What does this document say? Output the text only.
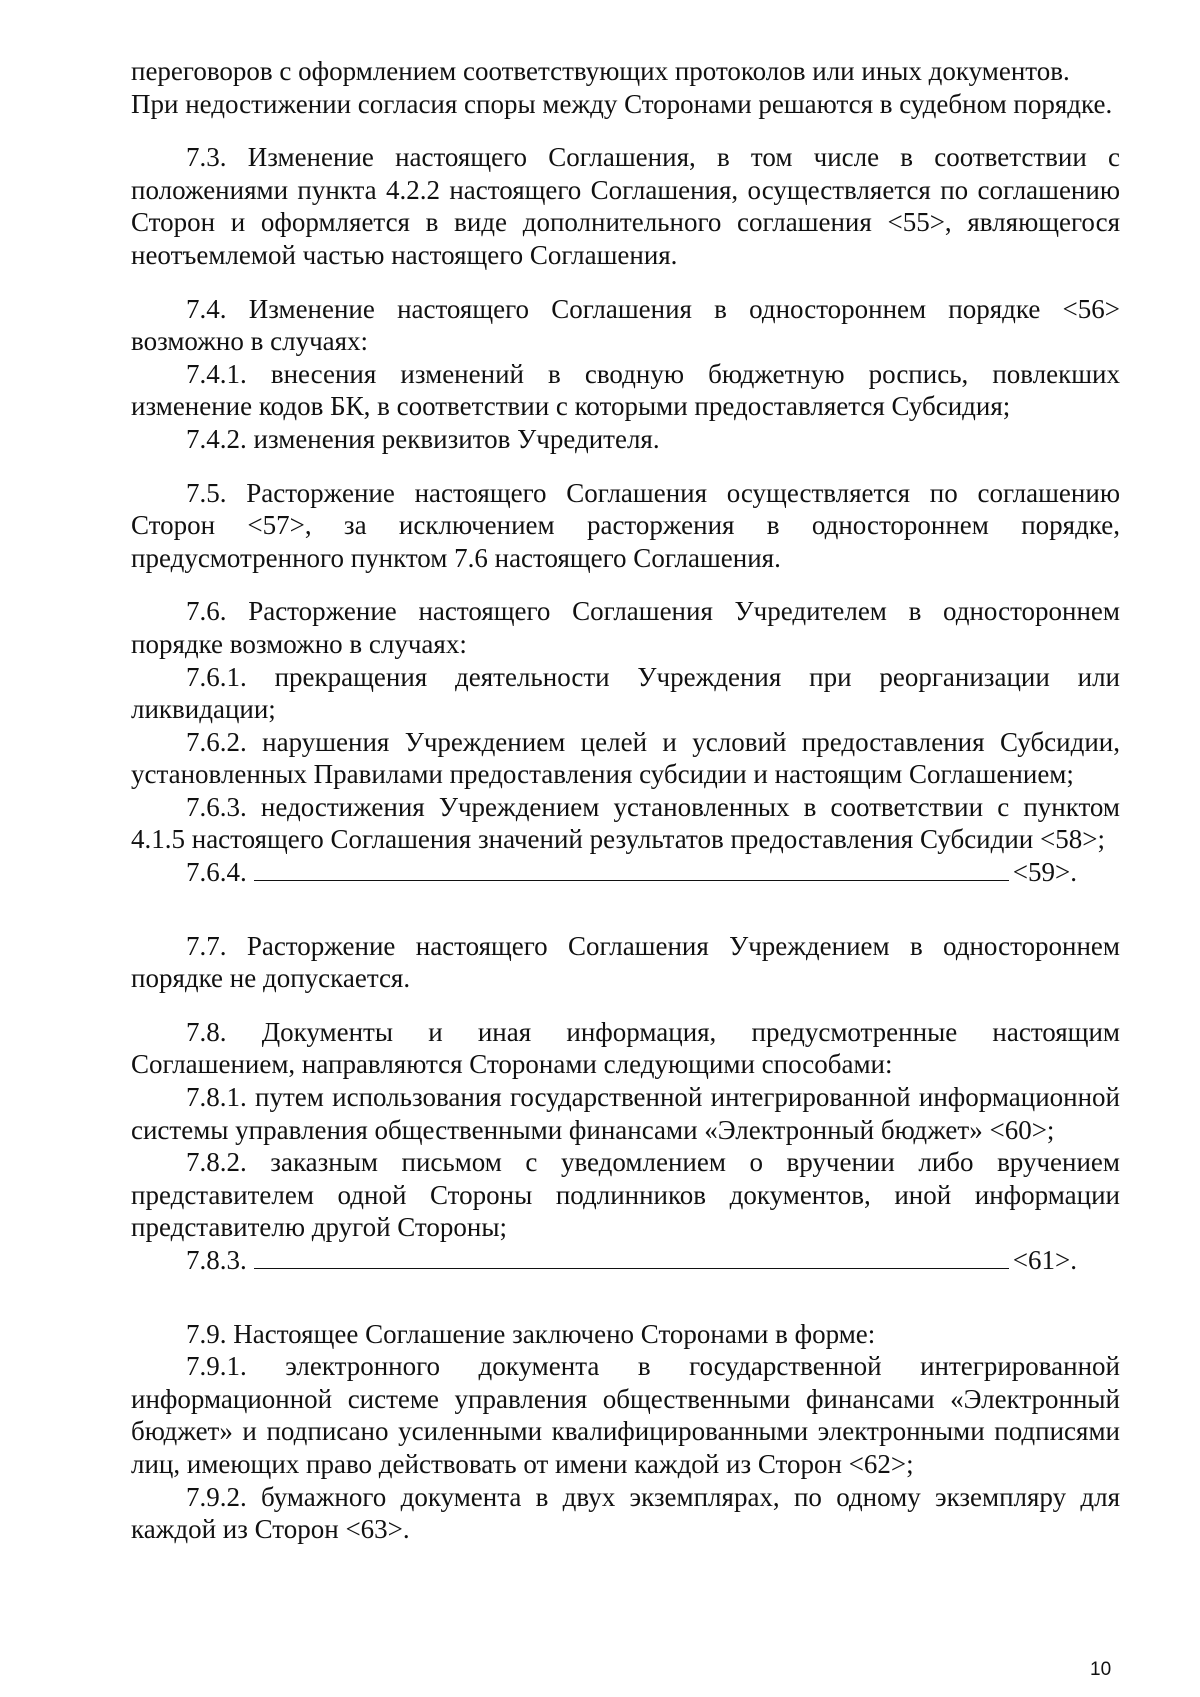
переговоров с оформлением соответствующих протоколов или иных документов.

При недостижении согласия споры между Сторонами решаются в судебном порядке.

7.3. Изменение настоящего Соглашения, в том числе в соответствии с положениями пункта 4.2.2 настоящего Соглашения, осуществляется по соглашению Сторон и оформляется в виде дополнительного соглашения <55>, являющегося неотъемлемой частью настоящего Соглашения.

7.4. Изменение настоящего Соглашения в одностороннем порядке <56> возможно в случаях:

7.4.1. внесения изменений в сводную бюджетную роспись, повлекших изменение кодов БК, в соответствии с которыми предоставляется Субсидия;

7.4.2. изменения реквизитов Учредителя.

7.5. Расторжение настоящего Соглашения осуществляется по соглашению Сторон <57>, за исключением расторжения в одностороннем порядке, предусмотренного пунктом 7.6 настоящего Соглашения.

7.6. Расторжение настоящего Соглашения Учредителем в одностороннем порядке возможно в случаях:

7.6.1. прекращения деятельности Учреждения при реорганизации или ликвидации;

7.6.2. нарушения Учреждением целей и условий предоставления Субсидии, установленных Правилами предоставления субсидии и настоящим Соглашением;

7.6.3. недостижения Учреждением установленных в соответствии с пунктом 4.1.5 настоящего Соглашения значений результатов предоставления Субсидии <58>;

7.6.4.	<59>.

7.7. Расторжение настоящего Соглашения Учреждением в одностороннем порядке не допускается.

7.8. Документы и иная информация, предусмотренные настоящим Соглашением, направляются Сторонами следующими способами:

7.8.1. путем использования государственной интегрированной информационной системы управления общественными финансами «Электронный бюджет» <60>;

7.8.2. заказным письмом с уведомлением о вручении либо вручением представителем одной Стороны подлинников документов, иной информации представителю другой Стороны;

7.8.3.	<61>.

7.9. Настоящее Соглашение заключено Сторонами в форме:

7.9.1. электронного документа в государственной интегрированной информационной системе управления общественными финансами «Электронный бюджет» и подписано усиленными квалифицированными электронными подписями лиц, имеющих право действовать от имени каждой из Сторон <62>;

7.9.2. бумажного документа в двух экземплярах, по одному экземпляру для каждой из Сторон <63>.

10
